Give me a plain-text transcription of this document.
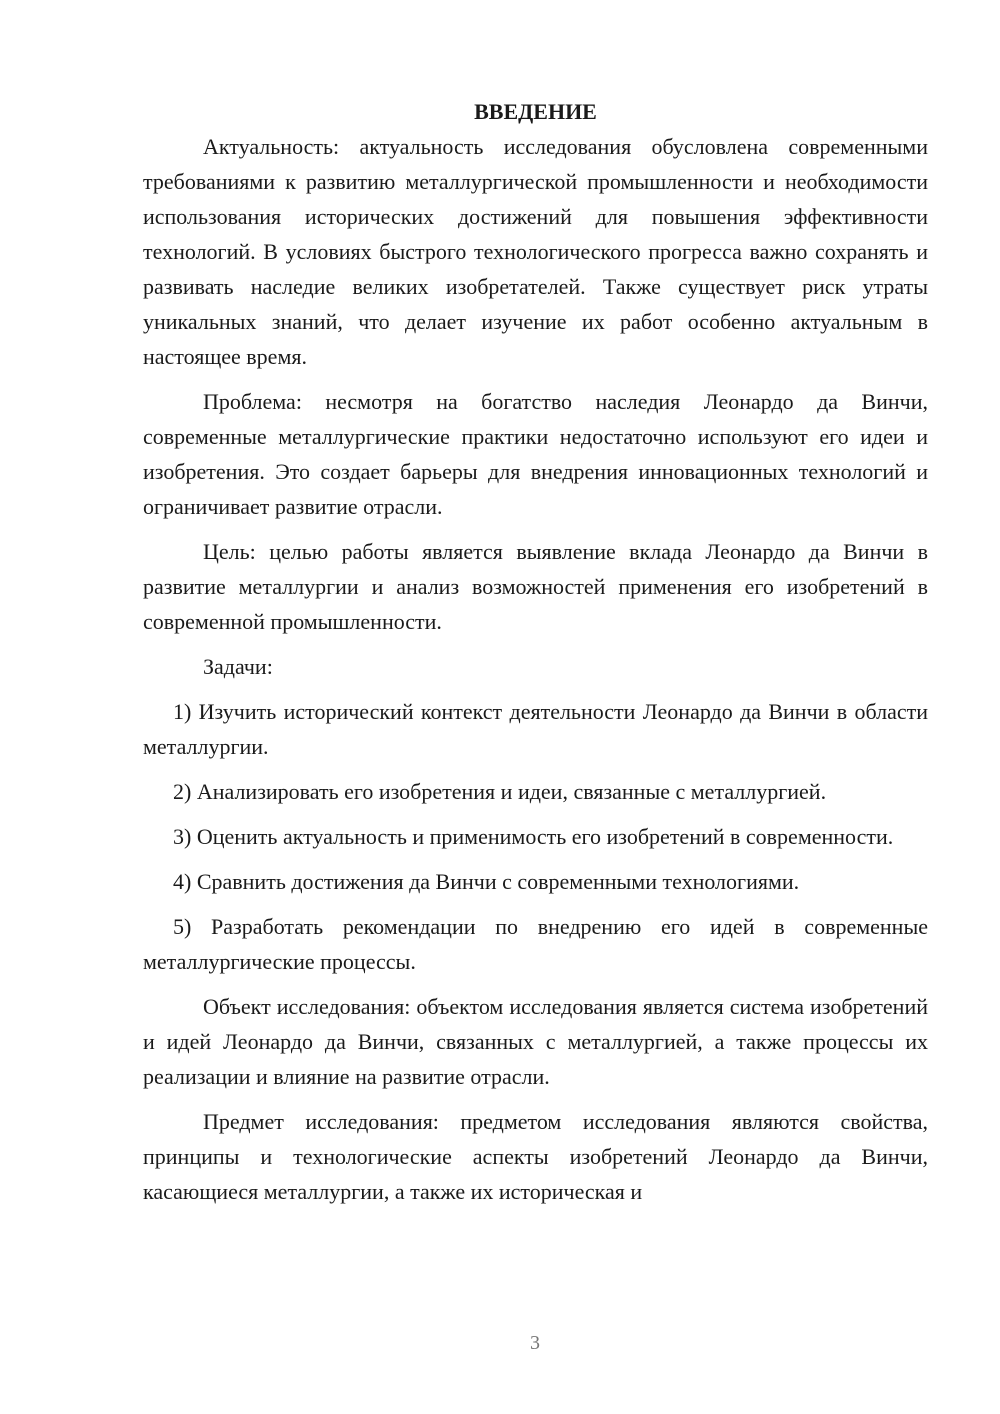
ВВЕДЕНИЕ

Актуальность: актуальность исследования обусловлена современными требованиями к развитию металлургической промышленности и необходимости использования исторических достижений для повышения эффективности технологий. В условиях быстрого технологического прогресса важно сохранять и развивать наследие великих изобретателей. Также существует риск утраты уникальных знаний, что делает изучение их работ особенно актуальным в настоящее время.

Проблема: несмотря на богатство наследия Леонардо да Винчи, современные металлургические практики недостаточно используют его идеи и изобретения. Это создает барьеры для внедрения инновационных технологий и ограничивает развитие отрасли.

Цель: целью работы является выявление вклада Леонардо да Винчи в развитие металлургии и анализ возможностей применения его изобретений в современной промышленности.

Задачи:

1) Изучить исторический контекст деятельности Леонардо да Винчи в области металлургии.

2) Анализировать его изобретения и идеи, связанные с металлургией.

3) Оценить актуальность и применимость его изобретений в современности.

4) Сравнить достижения да Винчи с современными технологиями.

5) Разработать рекомендации по внедрению его идей в современные металлургические процессы.

Объект исследования: объектом исследования является система изобретений и идей Леонардо да Винчи, связанных с металлургией, а также процессы их реализации и влияние на развитие отрасли.

Предмет исследования: предметом исследования являются свойства, принципы и технологические аспекты изобретений Леонардо да Винчи, касающиеся металлургии, а также их историческая и

3
